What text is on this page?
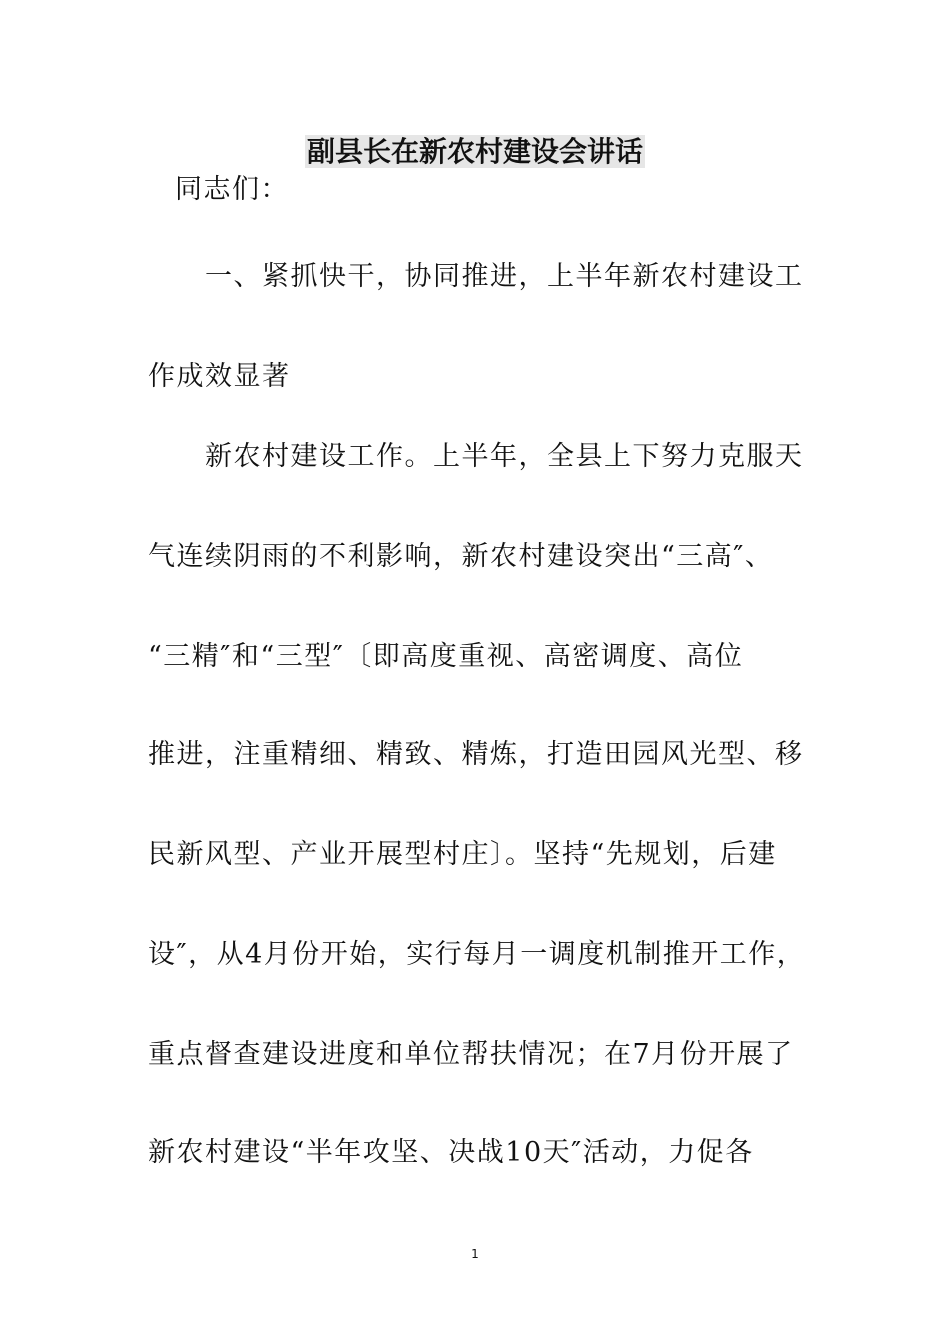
副县长在新农村建设会讲话
同志们：
一、紧抓快干，协同推进，上半年新农村建设工
作成效显著
新农村建设工作。上半年，全县上下努力克服天
气连续阴雨的不利影响，新农村建设突出“三高″、
“三精″和“三型″〔即高度重视、高密调度、高位
推进，注重精细、精致、精炼，打造田园风光型、移
民新风型、产业开展型村庄〕。坚持“先规划，后建
设″，从4月份开始，实行每月一调度机制推开工作，
重点督查建设进度和单位帮扶情况；在7月份开展了
新农村建设“半年攻坚、决战10天″活动，力促各
1
